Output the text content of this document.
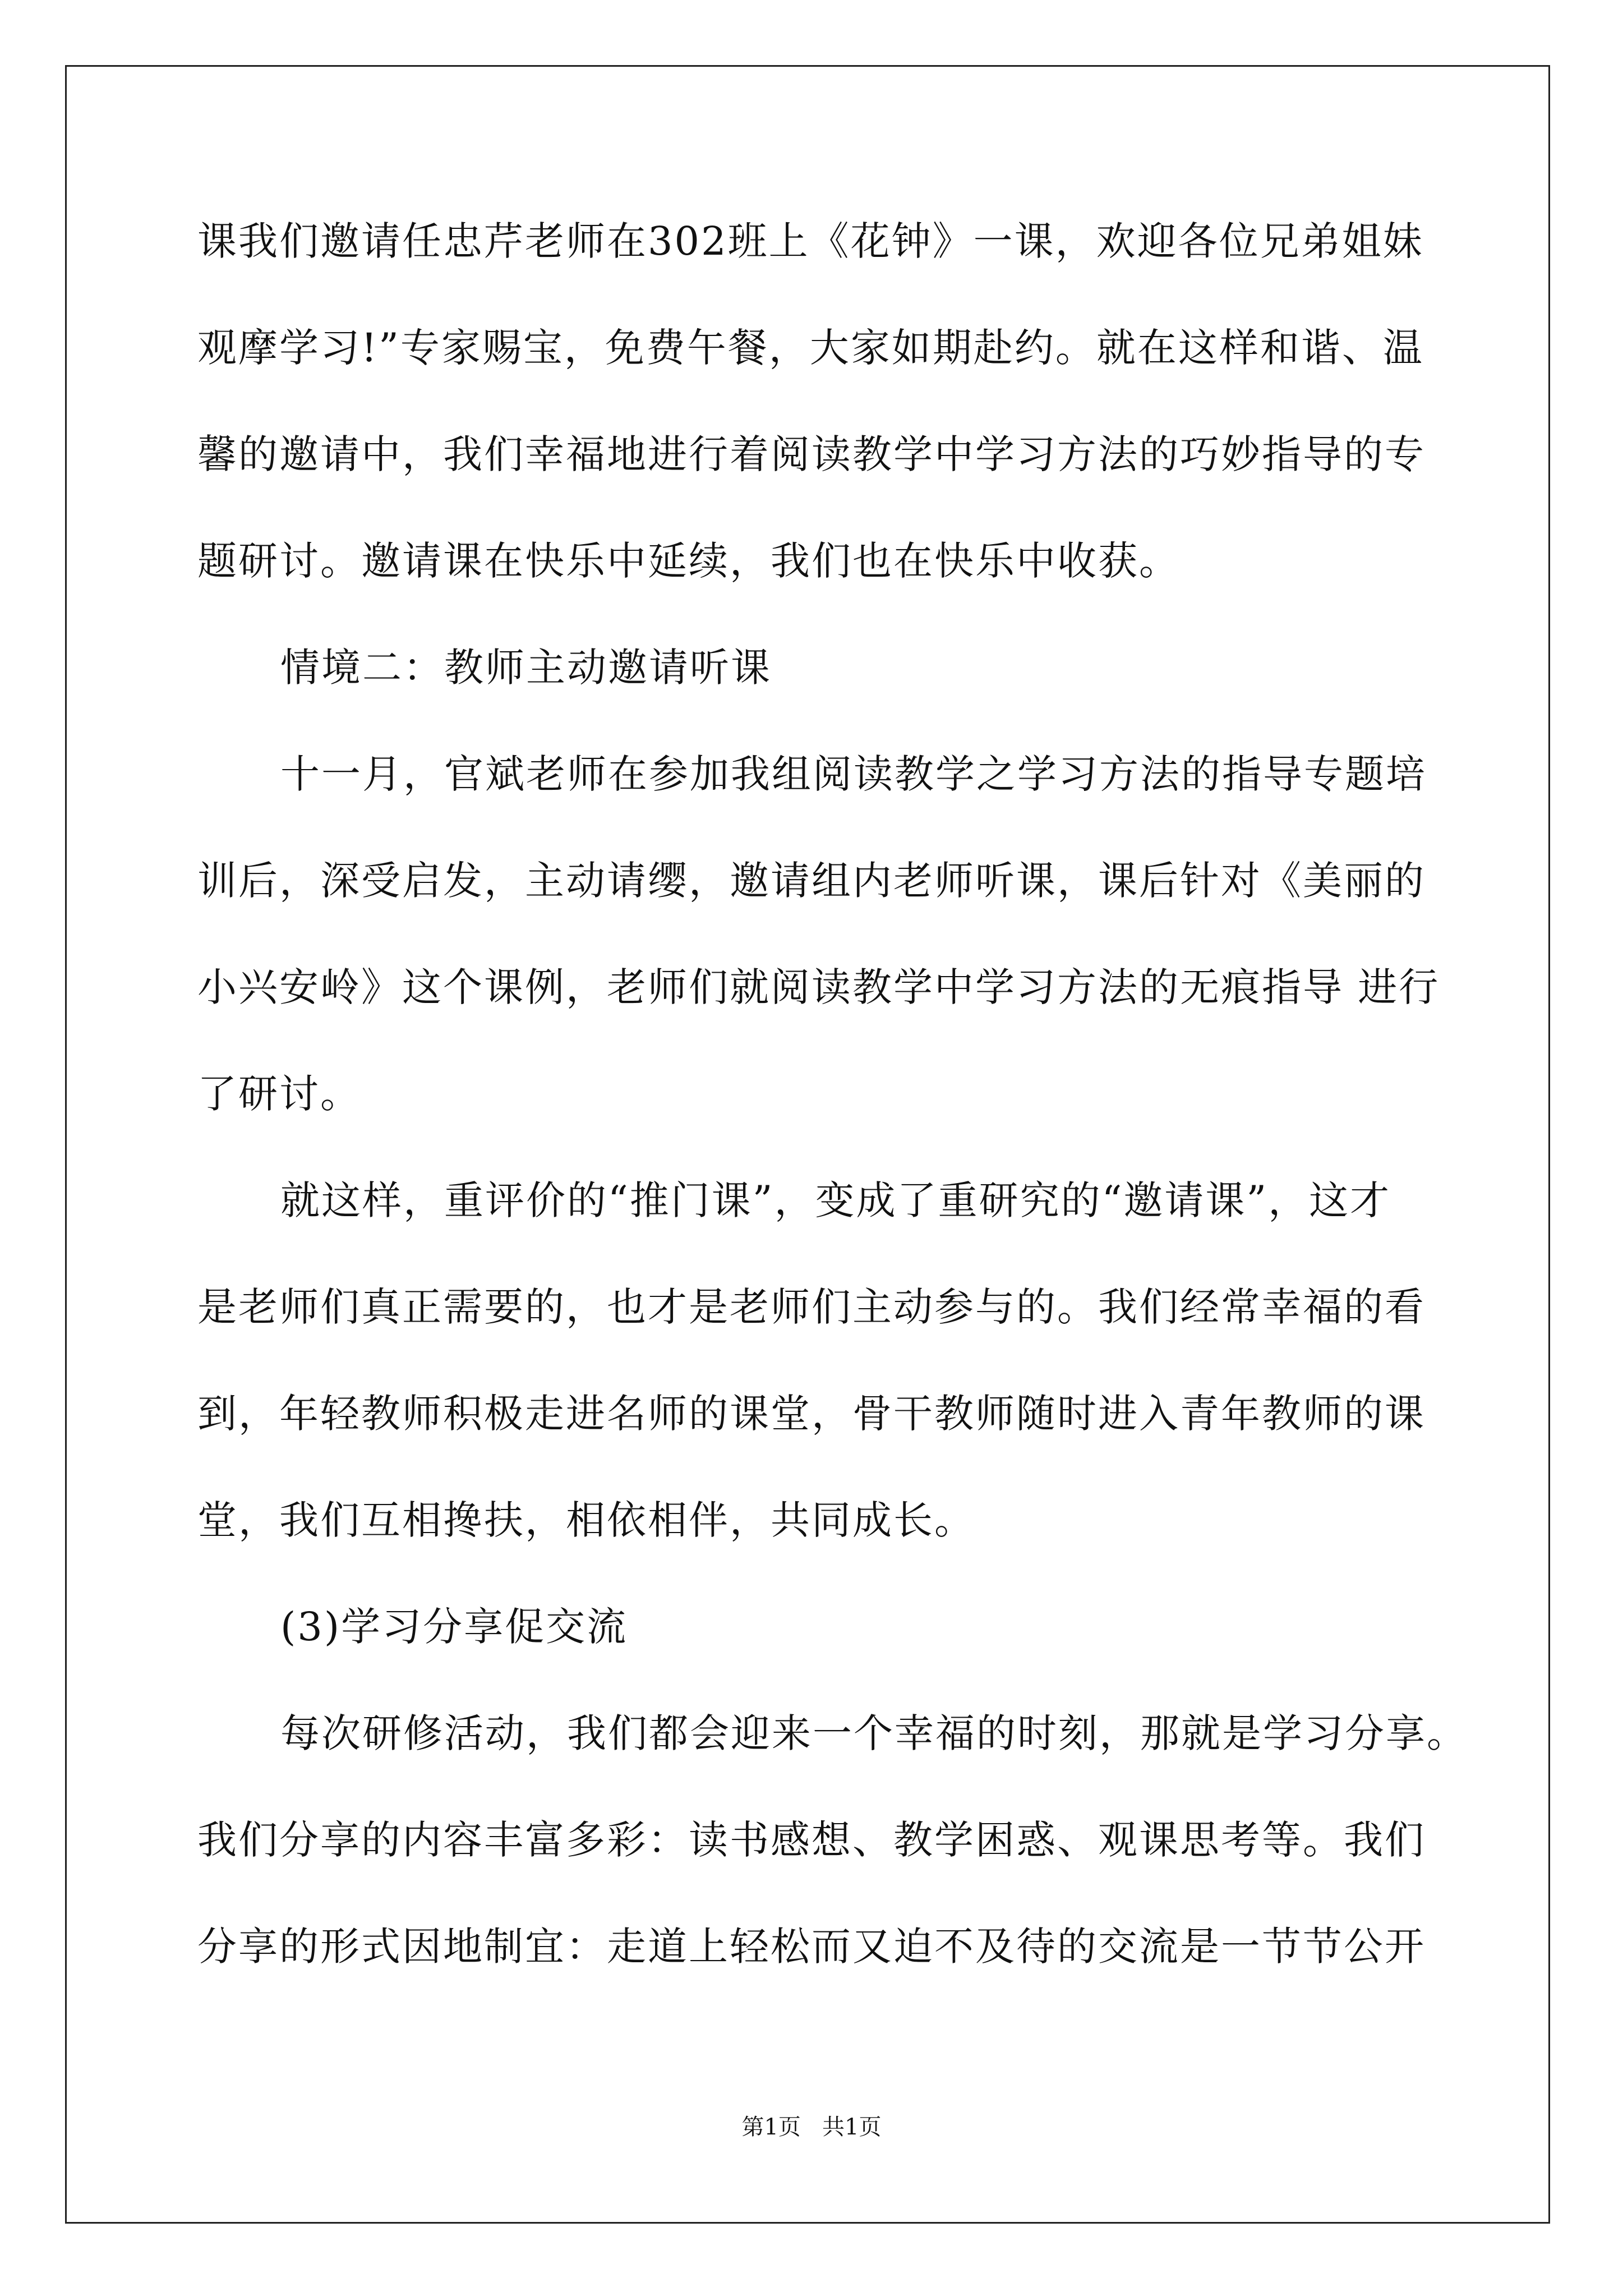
课我们邀请任忠芹老师在302班上《花钟》一课，欢迎各位兄弟姐妹
观摩学习!”专家赐宝，免费午餐，大家如期赴约。就在这样和谐、温
馨的邀请中，我们幸福地进行着阅读教学中学习方法的巧妙指导的专
题研讨。邀请课在快乐中延续，我们也在快乐中收获。
情境二：教师主动邀请听课
十一月，官斌老师在参加我组阅读教学之学习方法的指导专题培
训后，深受启发，主动请缨，邀请组内老师听课，课后针对《美丽的
小兴安岭》这个课例，老师们就阅读教学中学习方法的无痕指导 进行
了研讨。
就这样，重评价的“推门课”，变成了重研究的“邀请课”，这才
是老师们真正需要的，也才是老师们主动参与的。我们经常幸福的看
到，年轻教师积极走进名师的课堂，骨干教师随时进入青年教师的课
堂，我们互相搀扶，相依相伴，共同成长。
(3)学习分享促交流
每次研修活动，我们都会迎来一个幸福的时刻，那就是学习分享。
我们分享的内容丰富多彩：读书感想、教学困惑、观课思考等。我们
分享的形式因地制宜：走道上轻松而又迫不及待的交流是一节节公开
第1页   共1页
